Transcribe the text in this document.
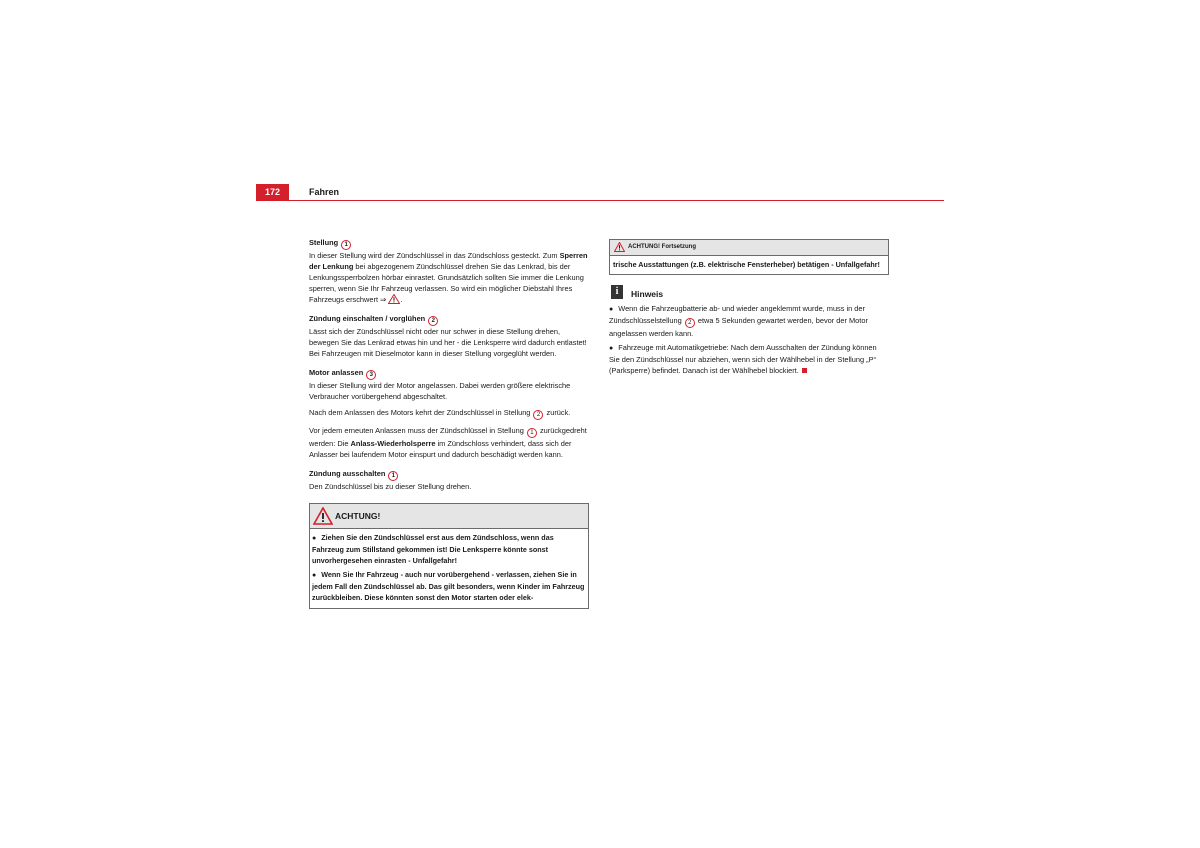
172	Fahren

Stellung 1

In dieser Stellung wird der Zündschlüssel in das Zündschloss gesteckt. Zum Sperren der Lenkung bei abgezogenem Zündschlüssel drehen Sie das Lenkrad, bis der Lenkungssperrbolzen hörbar einrastet. Grundsätzlich sollten Sie immer die Lenkung sperren, wenn Sie Ihr Fahrzeug verlassen. So wird ein möglicher Diebstahl Ihres Fahrzeugs erschwert ⇒ .

Zündung einschalten / vorglühen 2

Lässt sich der Zündschlüssel nicht oder nur schwer in diese Stellung drehen, bewegen Sie das Lenkrad etwas hin und her - die Lenksperre wird dadurch entlastet! Bei Fahrzeugen mit Dieselmotor kann in dieser Stellung vorgeglüht werden.

Motor anlassen 3

In dieser Stellung wird der Motor angelassen. Dabei werden größere elektrische Verbraucher vorübergehend abgeschaltet.

Nach dem Anlassen des Motors kehrt der Zündschlüssel in Stellung 2 zurück.

Vor jedem erneuten Anlassen muss der Zündschlüssel in Stellung 1 zurückgedreht werden: Die Anlass-Wiederholsperre im Zündschloss verhindert, dass sich der Anlasser bei laufendem Motor einspurt und dadurch beschädigt werden kann.

Zündung ausschalten 1

Den Zündschlüssel bis zu dieser Stellung drehen.

ACHTUNG!

● Ziehen Sie den Zündschlüssel erst aus dem Zündschloss, wenn das Fahrzeug zum Stillstand gekommen ist! Die Lenksperre könnte sonst unvorhergesehen einrasten - Unfallgefahr!

● Wenn Sie Ihr Fahrzeug - auch nur vorübergehend - verlassen, ziehen Sie in jedem Fall den Zündschlüssel ab. Das gilt besonders, wenn Kinder im Fahrzeug zurückbleiben. Diese könnten sonst den Motor starten oder elek-

ACHTUNG! Fortsetzung
trische Ausstattungen (z.B. elektrische Fensterheber) betätigen - Unfallgefahr!
i	Hinweis

● Wenn die Fahrzeugbatterie ab- und wieder angeklemmt wurde, muss in der Zündschlüsselstellung 2 etwa 5 Sekunden gewartet werden, bevor der Motor angelassen werden kann.

● Fahrzeuge mit Automatikgetriebe: Nach dem Ausschalten der Zündung können Sie den Zündschlüssel nur abziehen, wenn sich der Wählhebel in der Stellung „P“ (Parksperre) befindet. Danach ist der Wählhebel blockiert.
